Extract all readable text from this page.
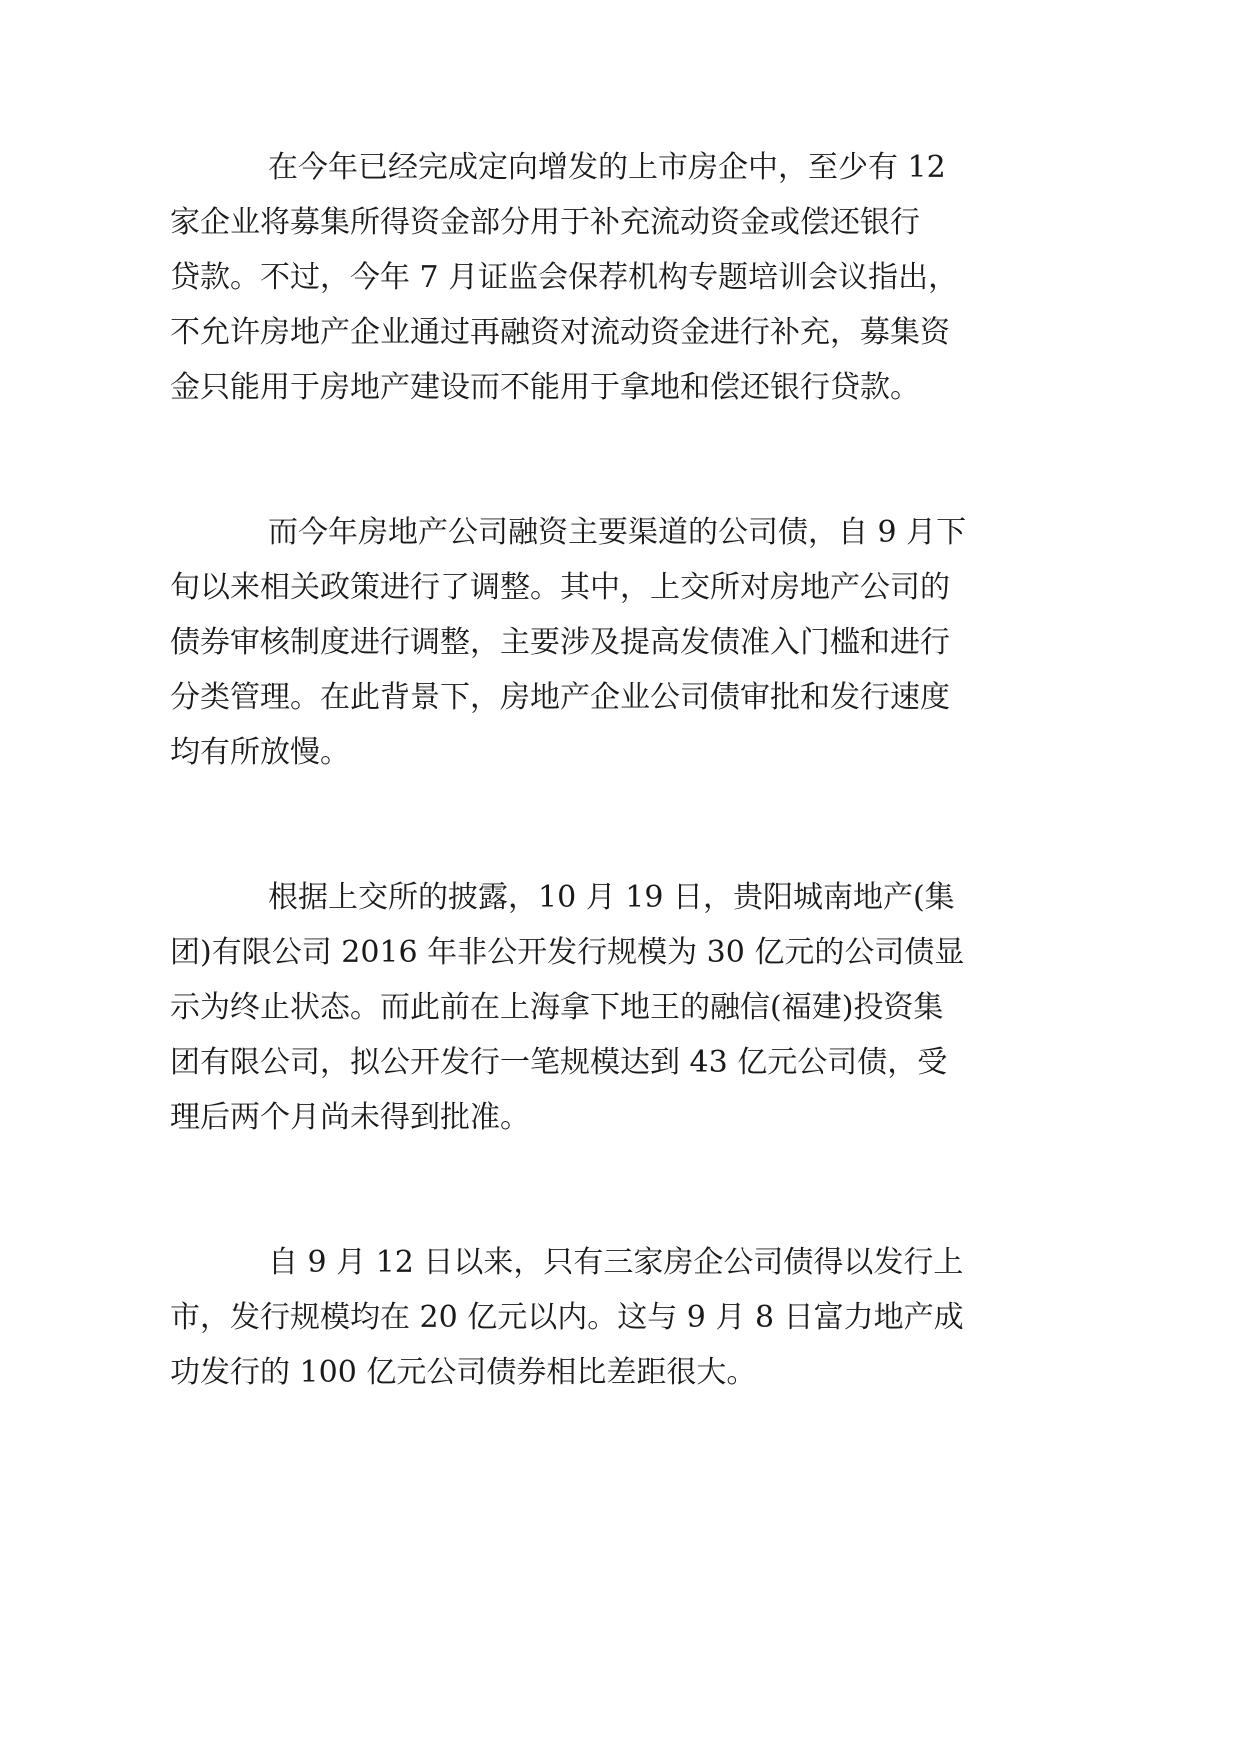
在今年已经完成定向增发的上市房企中，至少有 12
家企业将募集所得资金部分用于补充流动资金或偿还银行
贷款。不过，今年 7 月证监会保荐机构专题培训会议指出，
不允许房地产企业通过再融资对流动资金进行补充，募集资
金只能用于房地产建设而不能用于拿地和偿还银行贷款。
而今年房地产公司融资主要渠道的公司债，自 9 月下
旬以来相关政策进行了调整。其中，上交所对房地产公司的
债券审核制度进行调整，主要涉及提高发债准入门槛和进行
分类管理。在此背景下，房地产企业公司债审批和发行速度
均有所放慢。
根据上交所的披露，10 月 19 日，贵阳城南地产(集
团)有限公司 2016 年非公开发行规模为 30 亿元的公司债显
示为终止状态。而此前在上海拿下地王的融信(福建)投资集
团有限公司，拟公开发行一笔规模达到 43 亿元公司债，受
理后两个月尚未得到批准。
自 9 月 12 日以来，只有三家房企公司债得以发行上
市，发行规模均在 20 亿元以内。这与 9 月 8 日富力地产成
功发行的 100 亿元公司债券相比差距很大。
